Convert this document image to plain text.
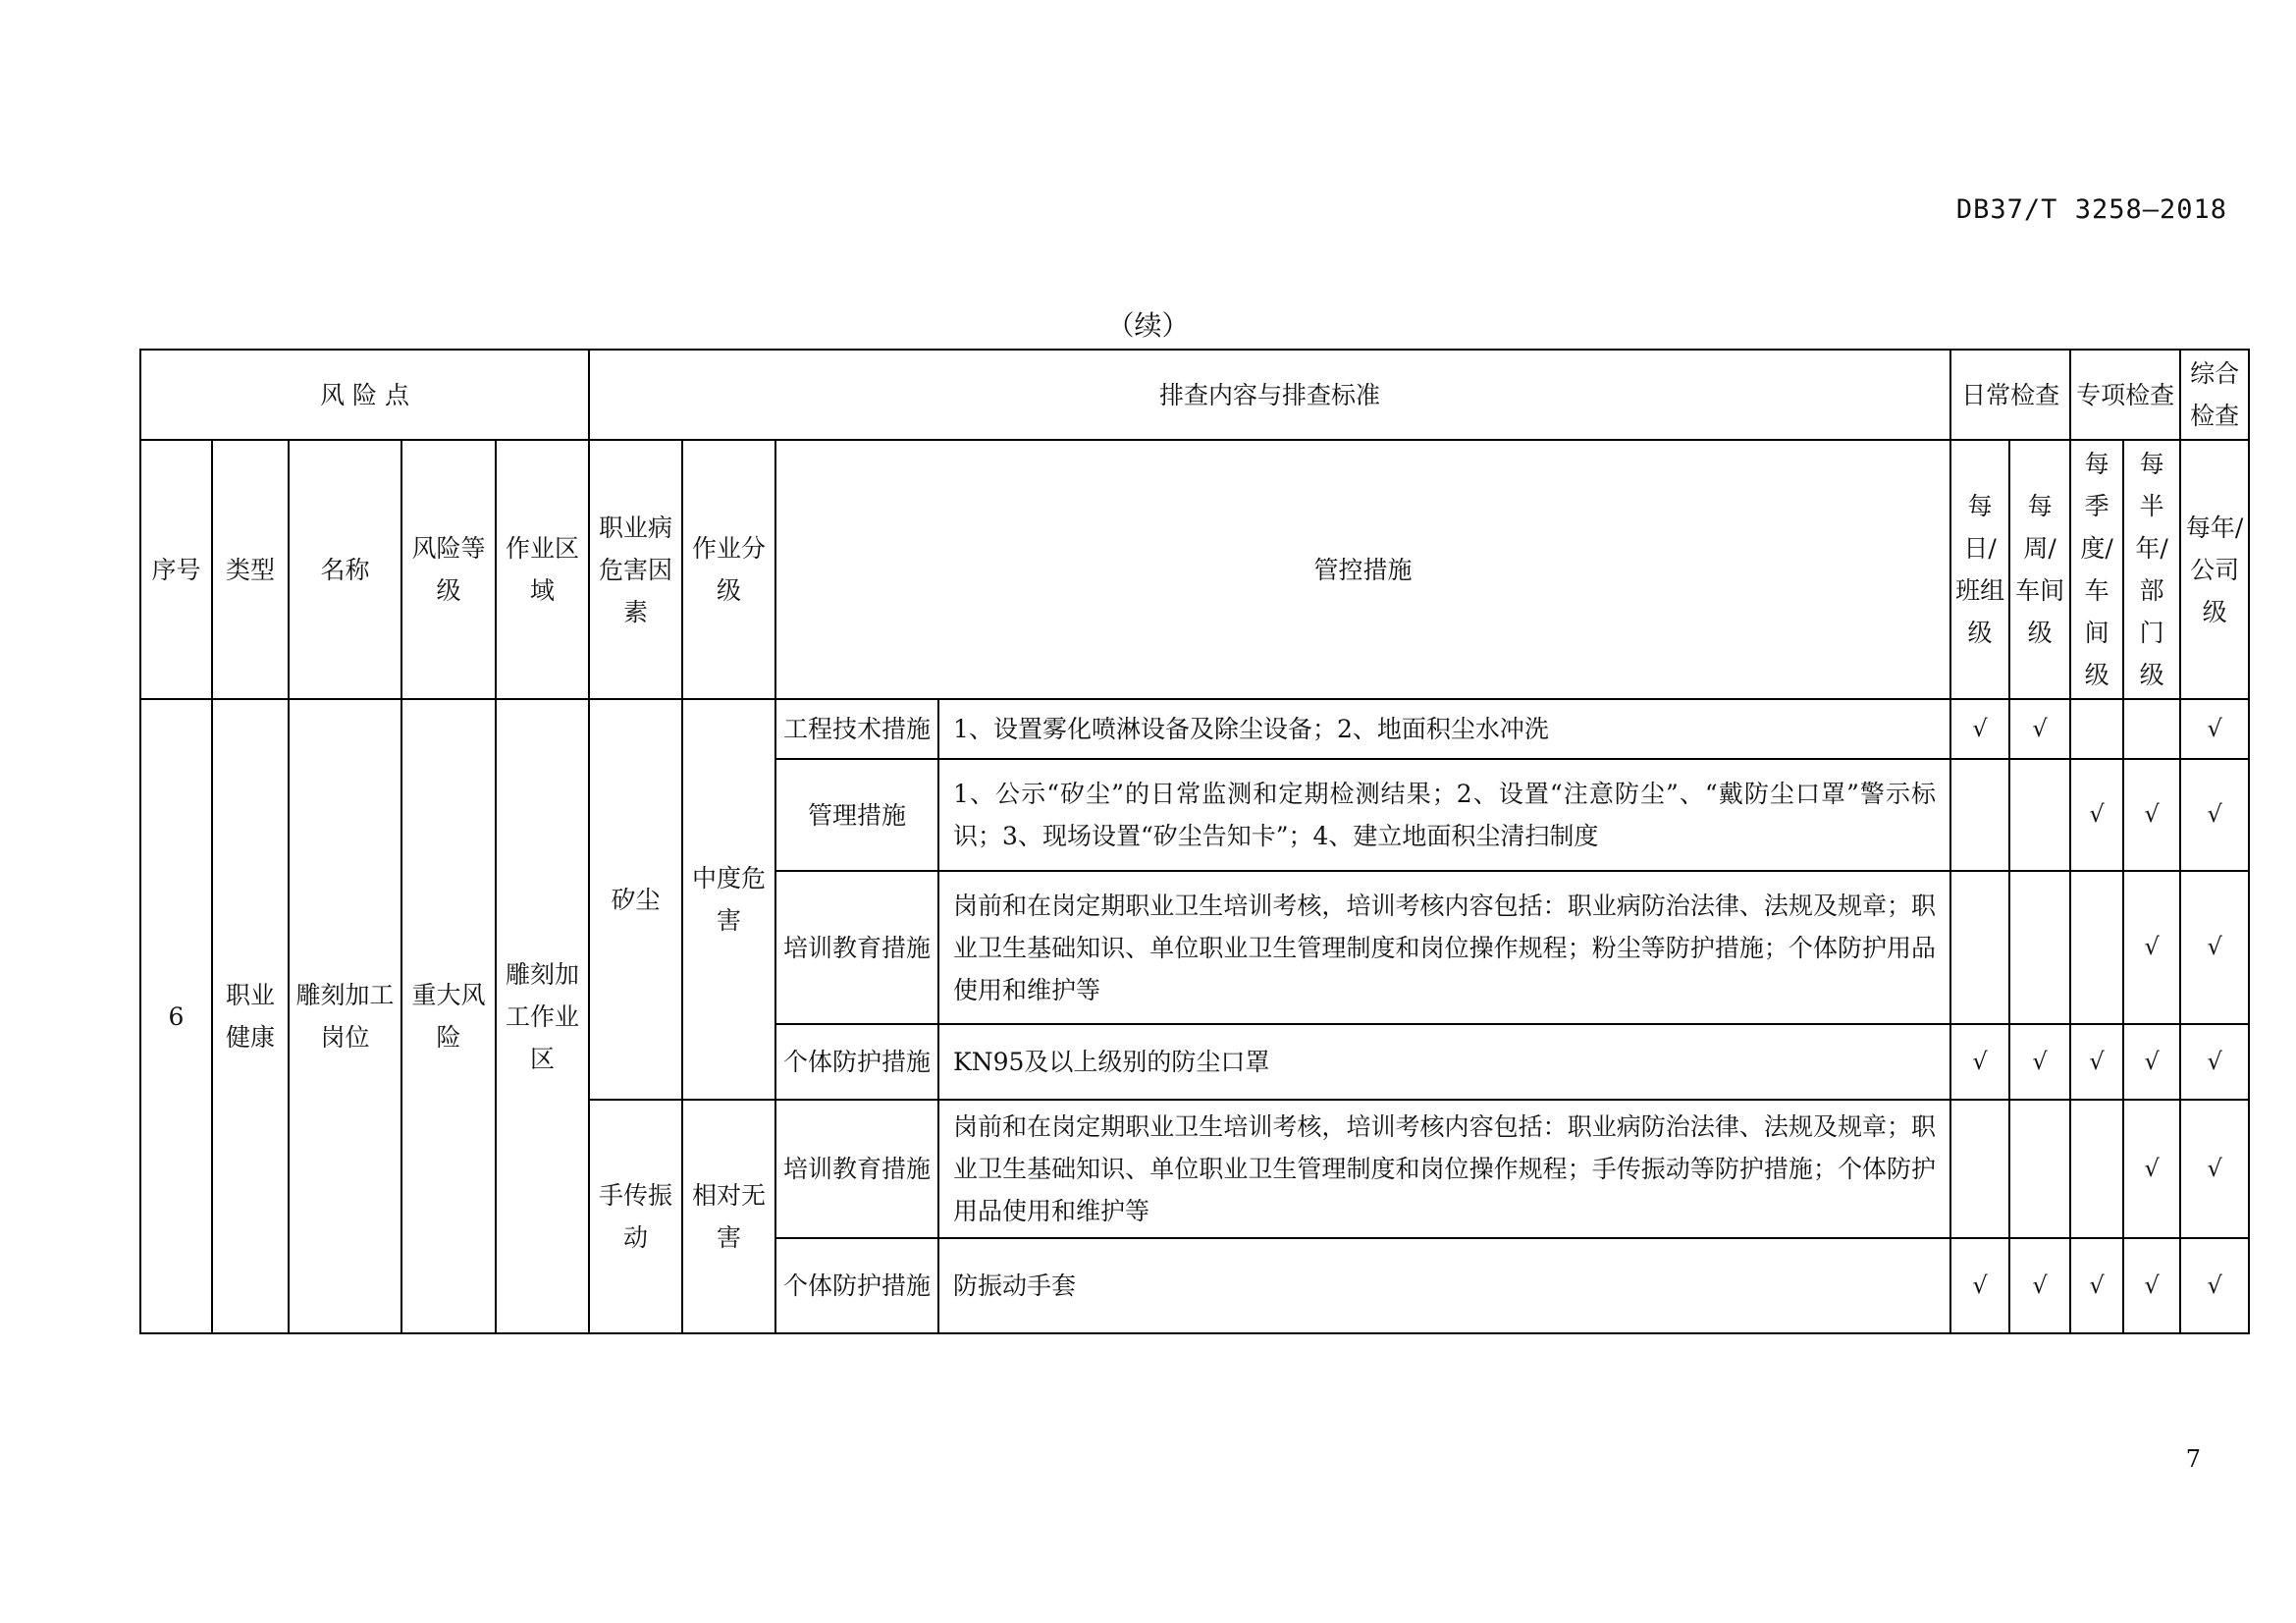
DB37/T 3258—2018
（续）
风 险 点					排查内容与排查标准				日常检查		专项检查		综合检查
序号	类型	名称	风险等级	作业区域	职业病危害因素	作业分级	管控措施		每日/班组级	每周/车间级	每季度/车间级	每半年/部门级	每年/公司级
6	职业健康	雕刻加工岗位	重大风险	雕刻加工作业区	矽尘	中度危害	工程技术措施	1、设置雾化喷淋设备及除尘设备；2、地面积尘水冲洗	√	√			√
							管理措施	1、公示“矽尘”的日常监测和定期检测结果；2、设置“注意防尘”、“戴防尘口罩”警示标识；3、现场设置“矽尘告知卡”；4、建立地面积尘清扫制度			√	√	√
							培训教育措施	岗前和在岗定期职业卫生培训考核，培训考核内容包括：职业病防治法律、法规及规章；职业卫生基础知识、单位职业卫生管理制度和岗位操作规程；粉尘等防护措施；个体防护用品使用和维护等				√	√
							个体防护措施	KN95及以上级别的防尘口罩	√	√	√	√	√
					手传振动	相对无害	培训教育措施	岗前和在岗定期职业卫生培训考核，培训考核内容包括：职业病防治法律、法规及规章；职业卫生基础知识、单位职业卫生管理制度和岗位操作规程；手传振动等防护措施；个体防护用品使用和维护等				√	√
							个体防护措施	防振动手套	√	√	√	√	√
7
